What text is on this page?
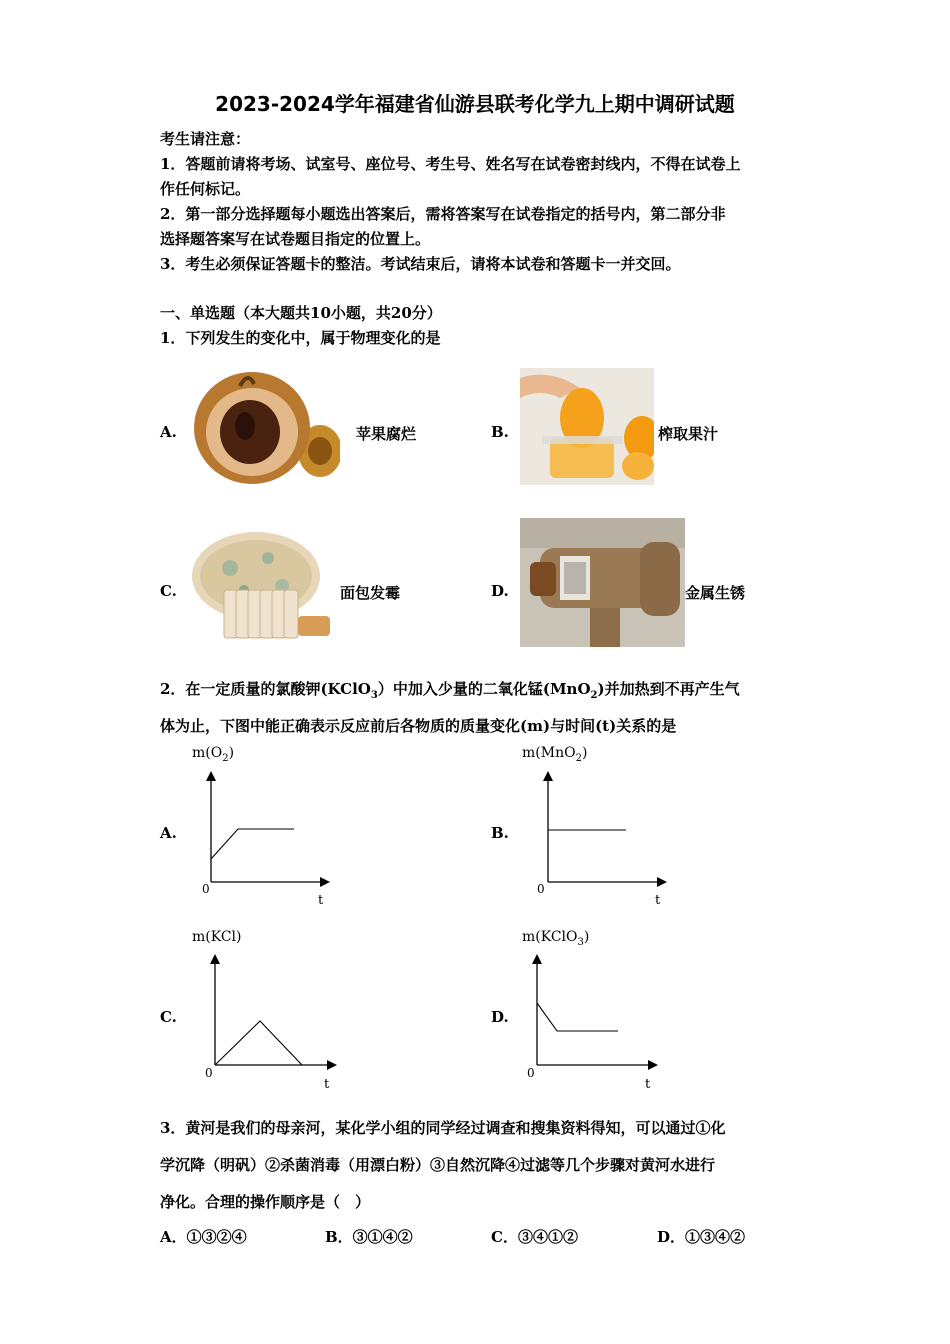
2023-2024学年福建省仙游县联考化学九上期中调研试题
考生请注意：
1．答题前请将考场、试室号、座位号、考生号、姓名写在试卷密封线内，不得在试卷上
作任何标记。
2．第一部分选择题每小题选出答案后，需将答案写在试卷指定的括号内，第二部分非
选择题答案写在试卷题目指定的位置上。
3．考生必须保证答题卡的整洁。考试结束后，请将本试卷和答题卡一并交回。
一、单选题（本大题共10小题，共20分）
1．下列发生的变化中，属于物理变化的是
A.	苹果腐烂	B.	榨取果汁
C.	面包发霉	D.	金属生锈
2．在一定质量的氯酸钾(KClO$_3$）中加入少量的二氧化锰(MnO$_2$)并加热到不再产生气
体为止，下图中能正确表示反应前后各物质的质量变化(m)与时间(t)关系的是
A.
$m(O_2)$
0
t
B.
m(MnO$_2$)
0
t
C.
m(KCl)
0
t
D.
m(KClO$_3$)
0
t
3．黄河是我们的母亲河，某化学小组的同学经过调查和搜集资料得知，可以通过①化
学沉降（明矾）②杀菌消毒（用漂白粉）③自然沉降④过滤等几个步骤对黄河水进行
净化。合理的操作顺序是（　）
A．①③②④	B．③①④②	C．③④①②	D．①③④②
